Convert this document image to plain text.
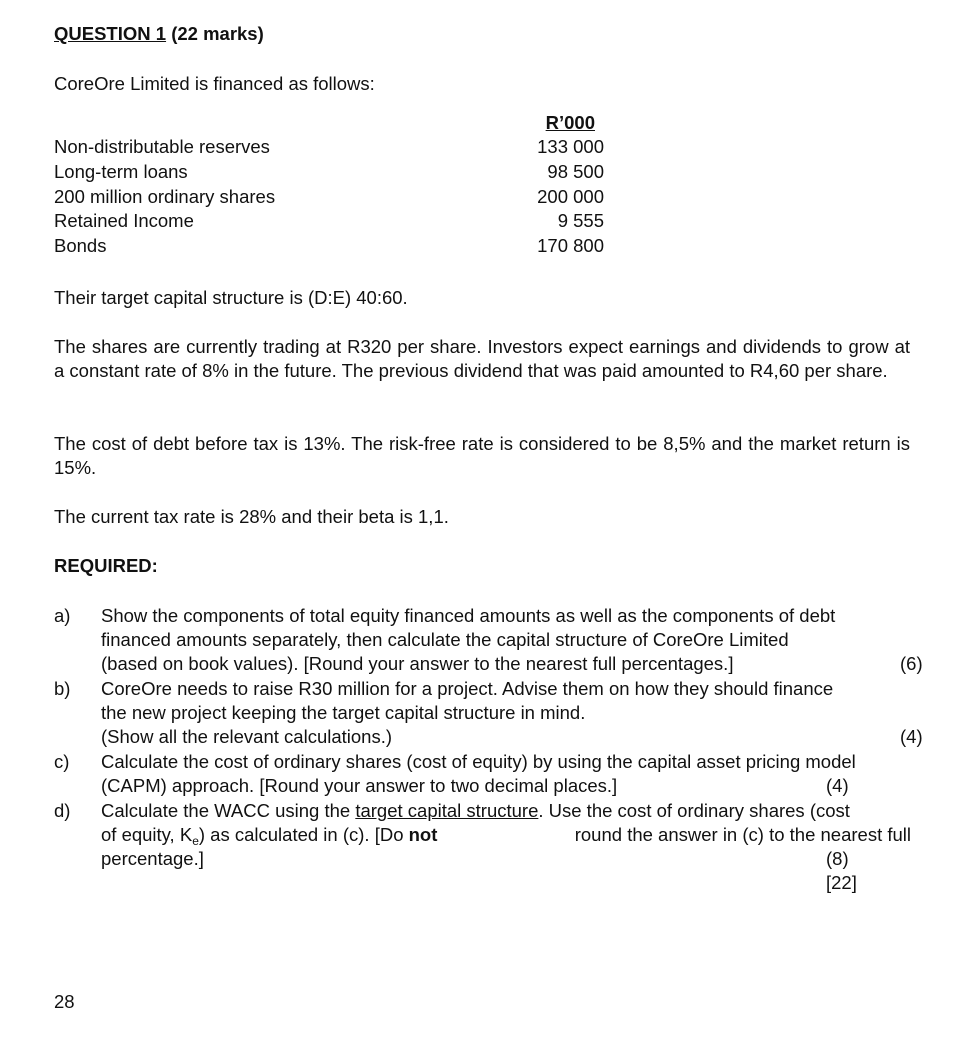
QUESTION 1 (22 marks)
CoreOre Limited is financed as follows:
R’000
Non-distributable reserves	133 000
Long-term loans	98 500
200 million ordinary shares	200 000
Retained Income	9 555
Bonds	170 800
Their target capital structure is (D:E) 40:60.
The shares are currently trading at R320 per share. Investors expect earnings and dividends to grow at a constant rate of 8% in the future. The previous dividend that was paid amounted to R4,60 per share.
The cost of debt before tax is 13%. The risk-free rate is considered to be 8,5% and the market return is 15%.
The current tax rate is 28% and their beta is 1,1.
REQUIRED:
a) Show the components of total equity financed amounts as well as the components of debt
financed amounts separately, then calculate the capital structure of CoreOre Limited
(based on book values). [Round your answer to the nearest full percentages.]	(6)
b) CoreOre needs to raise R30 million for a project. Advise them on how they should finance
the new project keeping the target capital structure in mind.
(Show all the relevant calculations.)	(4)
c) Calculate the cost of ordinary shares (cost of equity) by using the capital asset pricing model
(CAPM) approach. [Round your answer to two decimal places.]	(4)
d) Calculate the WACC using the target capital structure. Use the cost of ordinary shares (cost
of equity, K e ) as calculated in (c). [Do not	round the answer in (c) to the nearest full
percentage.]	(8)
[22]
28
